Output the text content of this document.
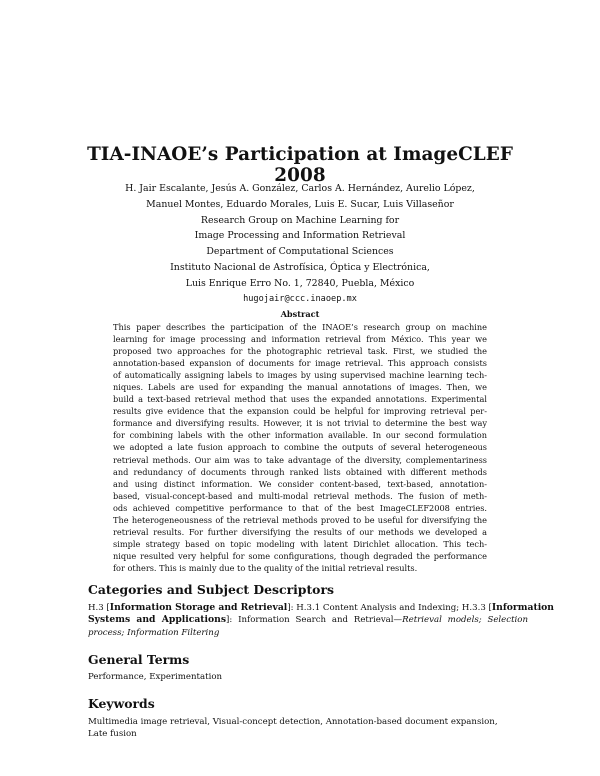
TIA-INAOE’s Participation at ImageCLEF 2008
H. Jair Escalante, Jesús A. González, Carlos A. Hernández, Aurelio López,
Manuel Montes, Eduardo Morales, Luis E. Sucar, Luis Villaseñor
Research Group on Machine Learning for
Image Processing and Information Retrieval
Department of Computational Sciences
Instituto Nacional de Astrofísica, Óptica y Electrónica,
Luis Enrique Erro No. 1, 72840, Puebla, México
hugojair@ccc.inaoep.mx
Abstract
This paper describes the participation of the INAOE’s research group on machine
learning for image processing and information retrieval from México. This year we
proposed two approaches for the photographic retrieval task. First, we studied the
annotation-based expansion of documents for image retrieval. This approach consists
of automatically assigning labels to images by using supervised machine learning tech-
niques. Labels are used for expanding the manual annotations of images. Then, we
build a text-based retrieval method that uses the expanded annotations. Experimental
results give evidence that the expansion could be helpful for improving retrieval per-
formance and diversifying results. However, it is not trivial to determine the best way
for combining labels with the other information available. In our second formulation
we adopted a late fusion approach to combine the outputs of several heterogeneous
retrieval methods. Our aim was to take advantage of the diversity, complementariness
and redundancy of documents through ranked lists obtained with different methods
and using distinct information. We consider content-based, text-based, annotation-
based, visual-concept-based and multi-modal retrieval methods. The fusion of meth-
ods achieved competitive performance to that of the best ImageCLEF2008 entries.
The heterogeneousness of the retrieval methods proved to be useful for diversifying the
retrieval results. For further diversifying the results of our methods we developed a
simple strategy based on topic modeling with latent Dirichlet allocation. This tech-
nique resulted very helpful for some configurations, though degraded the performance
for others. This is mainly due to the quality of the initial retrieval results.
Categories and Subject Descriptors
H.3 [Information Storage and Retrieval]: H.3.1 Content Analysis and Indexing; H.3.3 [Information
Systems and Applications]: Information Search and Retrieval—Retrieval models; Selection
process; Information Filtering
General Terms
Performance, Experimentation
Keywords
Multimedia image retrieval, Visual-concept detection, Annotation-based document expansion,
Late fusion
